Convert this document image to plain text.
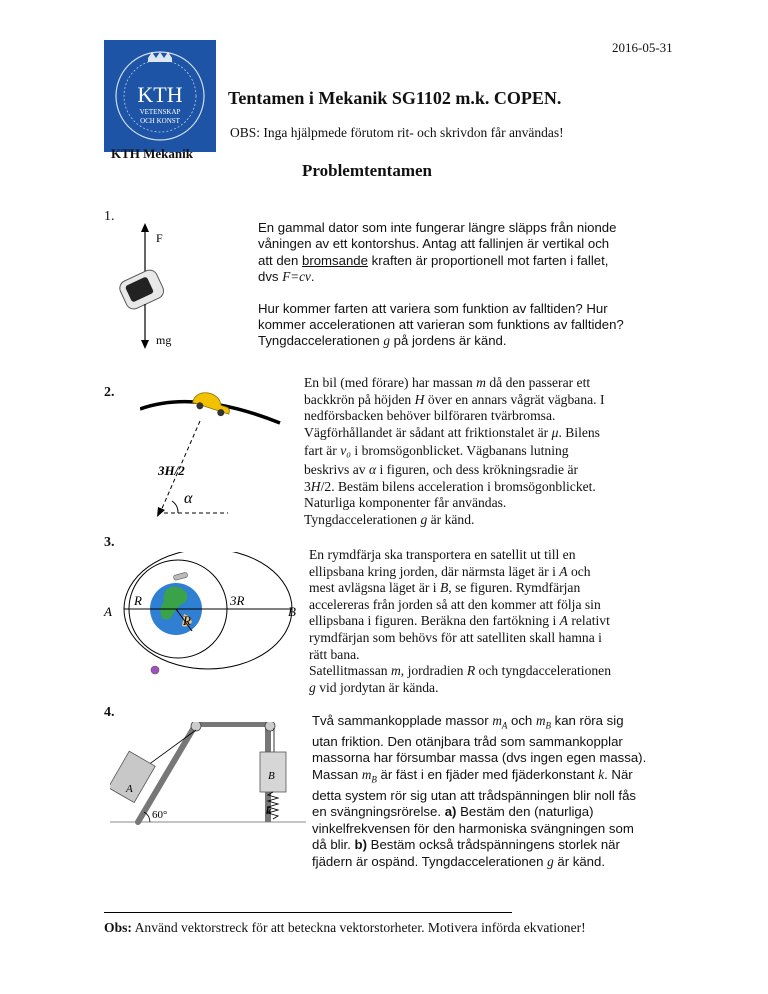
2016-05-31
KTH
VETENSKAP
OCH KONST
KTH Mekanik
Tentamen i Mekanik SG1102 m.k. COPEN.
OBS: Inga hjälpmede förutom rit- och skrivdon får användas!
Problemtentamen
1.
F
mg
En gammal dator som inte fungerar längre släpps från nionde
våningen av ett kontorshus. Antag att fallinjen är vertikal och
att den bromsande kraften är proportionell mot farten i fallet,
dvs F=cv.
Hur kommer farten att variera som funktion av falltiden? Hur
kommer accelerationen att varieran som funktions av falltiden?
Tyngdaccelerationen g på jordens är känd.
2.
3H/2
α
En bil (med förare) har massan m då den passerar ett
backkrön på höjden H över en annars vågrät vägbana. I
nedförsbacken behöver bilföraren tvärbromsa.
Vägförhållandet är sådant att friktionstalet är μ. Bilens
fart är v₀ i bromsögonblicket. Vägbanans lutning
beskrivs av α i figuren, och dess krökningsradie är
3H/2. Bestäm bilens acceleration i bromsögonblicket.
Naturliga komponenter får användas.
Tyngdaccelerationen g är känd.
3.
A	B
R
R
3R
En rymdfärja ska transportera en satellit ut till en
ellipsbana kring jorden, där närmsta läget är i A och
mest avlägsna läget är i B, se figuren. Rymdfärjan
accelereras från jorden så att den kommer att följa sin
ellipsbana i figuren. Beräkna den fartökning i A relativt
rymdfärjan som behövs för att satelliten skall hamna i
rätt bana.
Satellitmassan m, jordradien R och tyngdaccelerationen
g vid jordytan är kända.
4.
A
B
k
60°
Två sammankopplade massor $m_A$ och $m_B$ kan röra sig
utan friktion. Den otänjbara tråd som sammankopplar
massorna har försumbar massa (dvs ingen egen massa).
Massan $m_B$ är fäst i en fjäder med fjäderkonstant k. När
detta system rör sig utan att trådspänningen blir noll fås
en svängningsrörelse. a) Bestäm den (naturliga)
vinkelfrekvensen för den harmoniska svängningen som
då blir. b) Bestäm också trådspänningens storlek när
fjädern är ospänd. Tyngdaccelerationen g är känd.
Obs: Använd vektorstreck för att beteckna vektorstorheter. Motivera införda ekvationer!
